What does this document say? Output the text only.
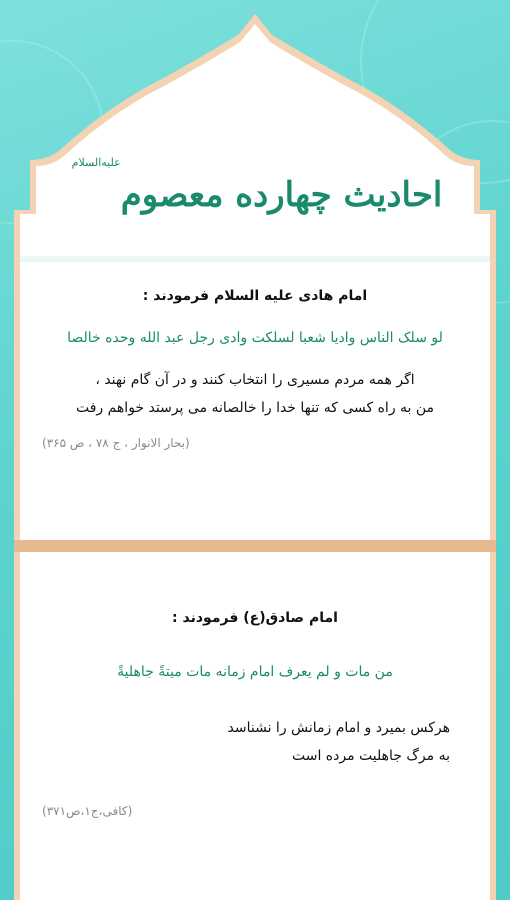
احادیث چهارده معصوم
علیه‌السلام
امام هادی علیه السلام فرمودند :
لو سلک الناس وادیا شعبا لسلکت وادی رجل عبد الله وحده خالصا
اگر همه مردم مسیری را انتخاب کنند و در آن گام نهند ،
من به راه کسی که تنها خدا را خالصانه می پرستد خواهم رفت
(بحار الانوار ، ج ۷۸ ، ص ۳۶۵)
امام صادق(ع) فرمودند :
من مات و لم یعرف امام زمانه مات میتةً جاهلیةً
هرکس بمیرد و امام زمانش را نشناسد
به مرگ جاهلیت مرده است
(کافی،ج۱،ص۳۷۱)
